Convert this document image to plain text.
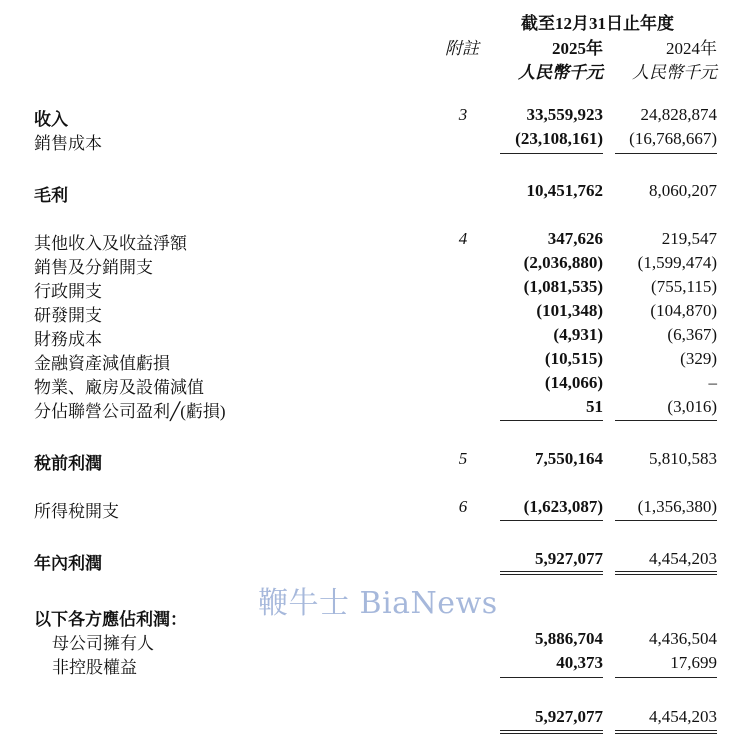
截至12月31日止年度
附註	2025年	2024年
人民幣千元	人民幣千元
收入	3	33,559,923	24,828,874
銷售成本	(23,108,161)	(16,768,667)
毛利	10,451,762	8,060,207
其他收入及收益淨額	4	347,626	219,547
銷售及分銷開支	(2,036,880)	(1,599,474)
行政開支	(1,081,535)	(755,115)
研發開支	(101,348)	(104,870)
財務成本	(4,931)	(6,367)
金融資產減值虧損	(10,515)	(329)
物業、廠房及設備減值	(14,066)	–
分佔聯營公司盈利╱(虧損)	51	(3,016)
稅前利潤	5	7,550,164	5,810,583
所得稅開支	6	(1,623,087)	(1,356,380)
年內利潤	5,927,077	4,454,203
鞭牛士 BiaNews
以下各方應佔利潤：
母公司擁有人	5,886,704	4,436,504
非控股權益	40,373	17,699
5,927,077	4,454,203
